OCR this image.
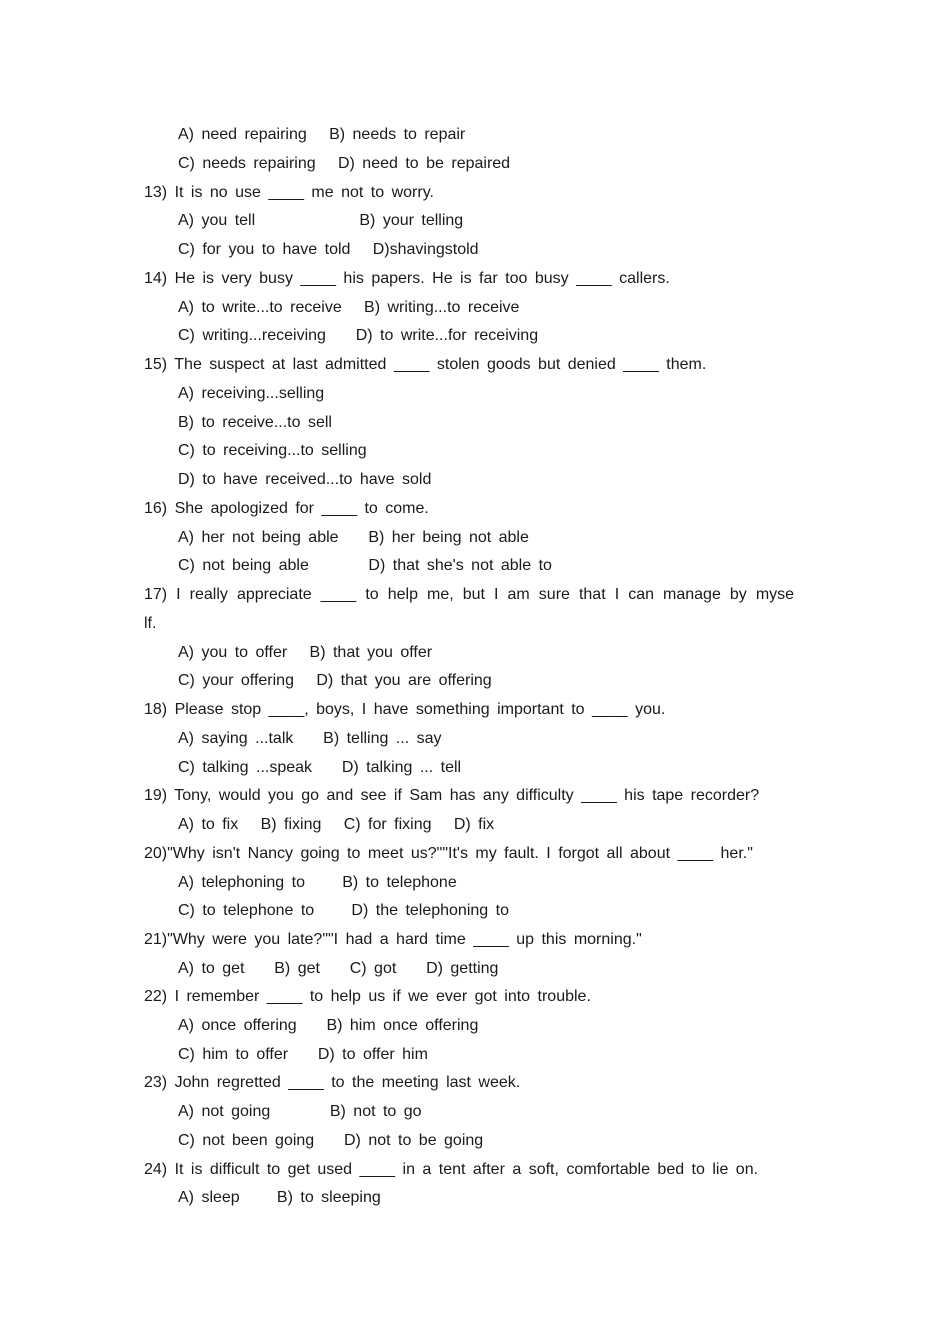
A) need repairing   B) needs to repair

C) needs repairing   D) need to be repaired

13) It is no use ____ me not to worry.

A) you tell              B) your telling

C) for you to have told   D)shavingstold

14) He is very busy ____ his papers. He is far too busy ____ callers.

A) to write...to receive   B) writing...to receive

C) writing...receiving    D) to write...for receiving

15) The suspect at last admitted ____ stolen goods but denied ____ them.

A) receiving...selling

B) to receive...to sell

C) to receiving...to selling

D) to have received...to have sold

16) She apologized for ____ to come.

A) her not being able    B) her being not able

C) not being able        D) that she's not able to

17) I really appreciate ____ to help me, but I am sure that I can manage by myse

lf.

A) you to offer   B) that you offer

C) your offering   D) that you are offering

18) Please stop ____, boys, I have something important to ____ you.

A) saying ...talk    B) telling ... say

C) talking ...speak    D) talking ... tell

19) Tony, would you go and see if Sam has any difficulty ____ his tape recorder?

A) to fix   B) fixing   C) for fixing   D) fix

20)"Why isn't Nancy going to meet us?""It's my fault. I forgot all about ____ her."

A) telephoning to     B) to telephone

C) to telephone to     D) the telephoning to

21)"Why were you late?""I had a hard time ____ up this morning."

A) to get    B) get    C) got    D) getting

22) I remember ____ to help us if we ever got into trouble.

A) once offering    B) him once offering

C) him to offer    D) to offer him

23) John regretted ____ to the meeting last week.

A) not going        B) not to go

C) not been going    D) not to be going

24) It is difficult to get used ____ in a tent after a soft, comfortable bed to lie on.

A) sleep     B) to sleeping
